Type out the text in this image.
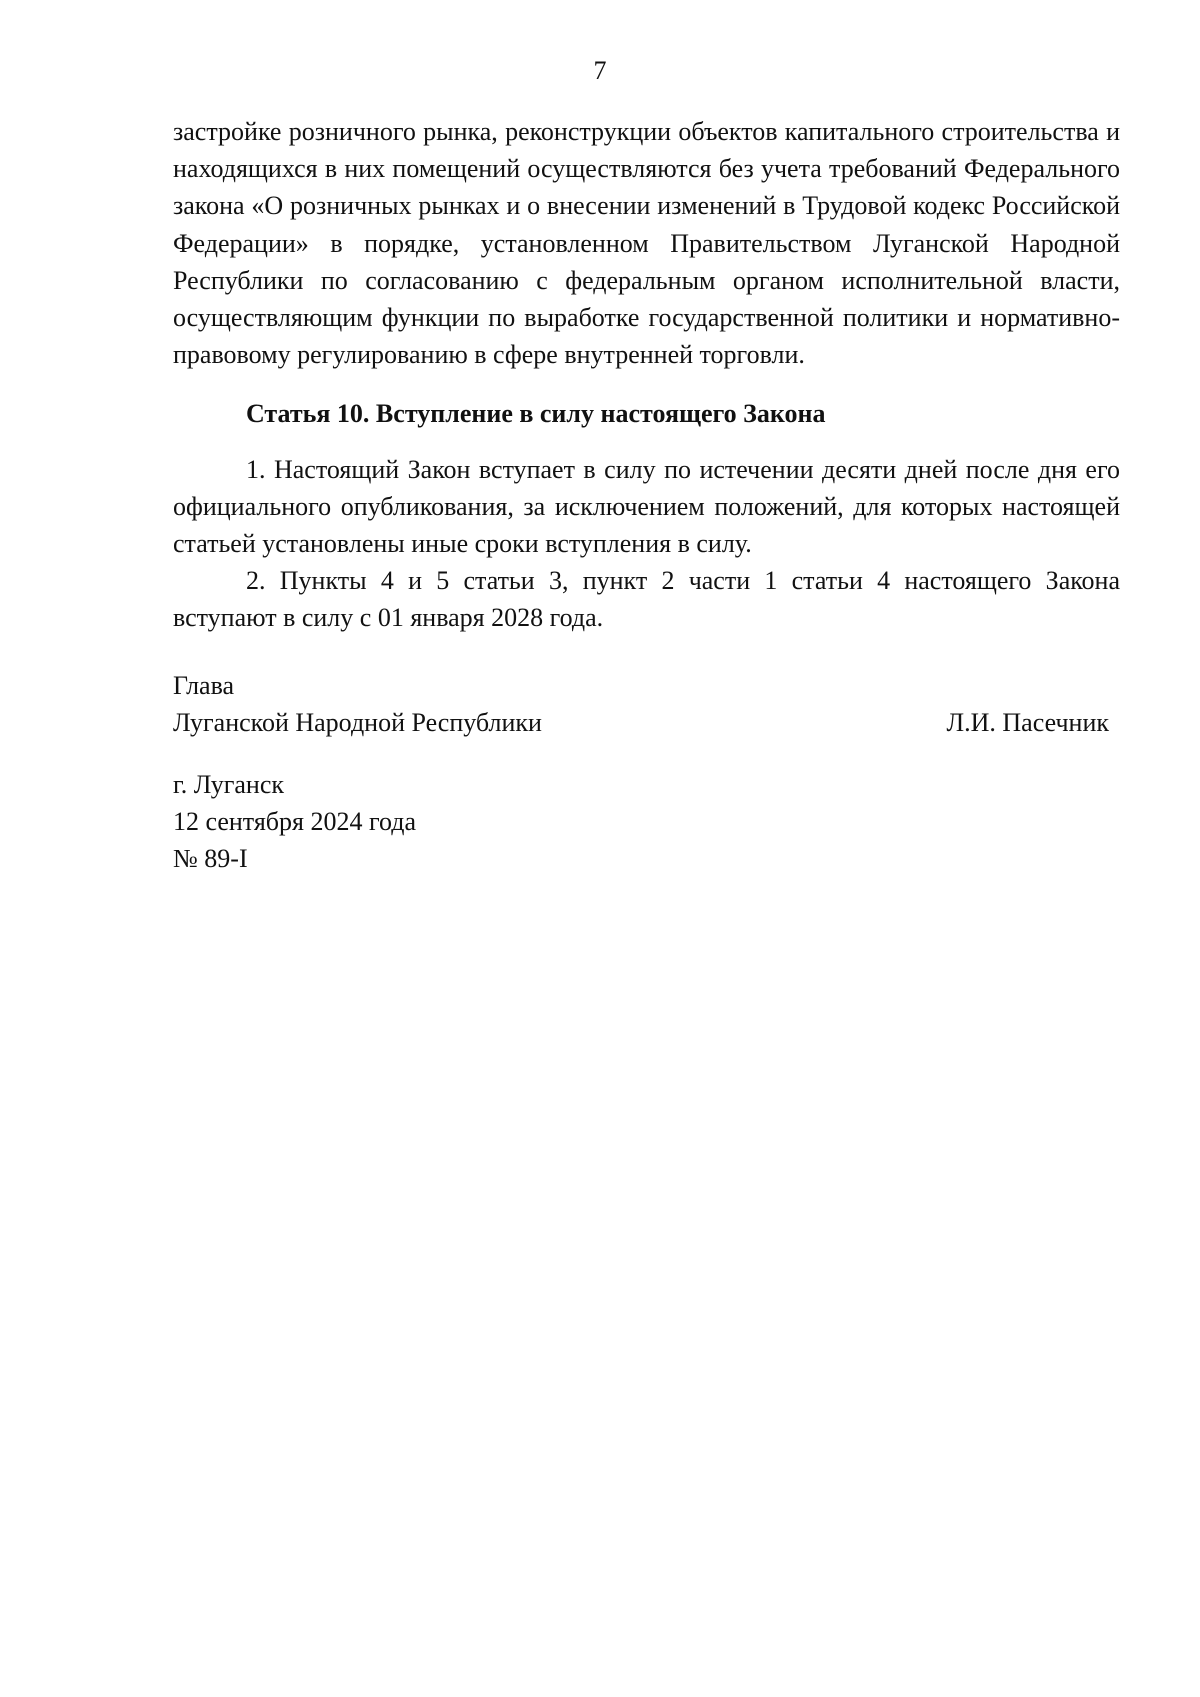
7

застройке розничного рынка, реконструкции объектов капитального строительства и находящихся в них помещений осуществляются без учета требований Федерального закона «О розничных рынках и о внесении изменений в Трудовой кодекс Российской Федерации» в порядке, установленном Правительством Луганской Народной Республики по согласованию с федеральным органом исполнительной власти, осуществляющим функции по выработке государственной политики и нормативно-правовому регулированию в сфере внутренней торговли.

Статья 10. Вступление в силу настоящего Закона

1. Настоящий Закон вступает в силу по истечении десяти дней после дня его официального опубликования, за исключением положений, для которых настоящей статьей установлены иные сроки вступления в силу.

2. Пункты 4 и 5 статьи 3, пункт 2 части 1 статьи 4 настоящего Закона вступают в силу с 01 января 2028 года.

Глава
Луганской Народной Республики	Л.И. Пасечник
г. Луганск
12 сентября 2024 года
№ 89-I
